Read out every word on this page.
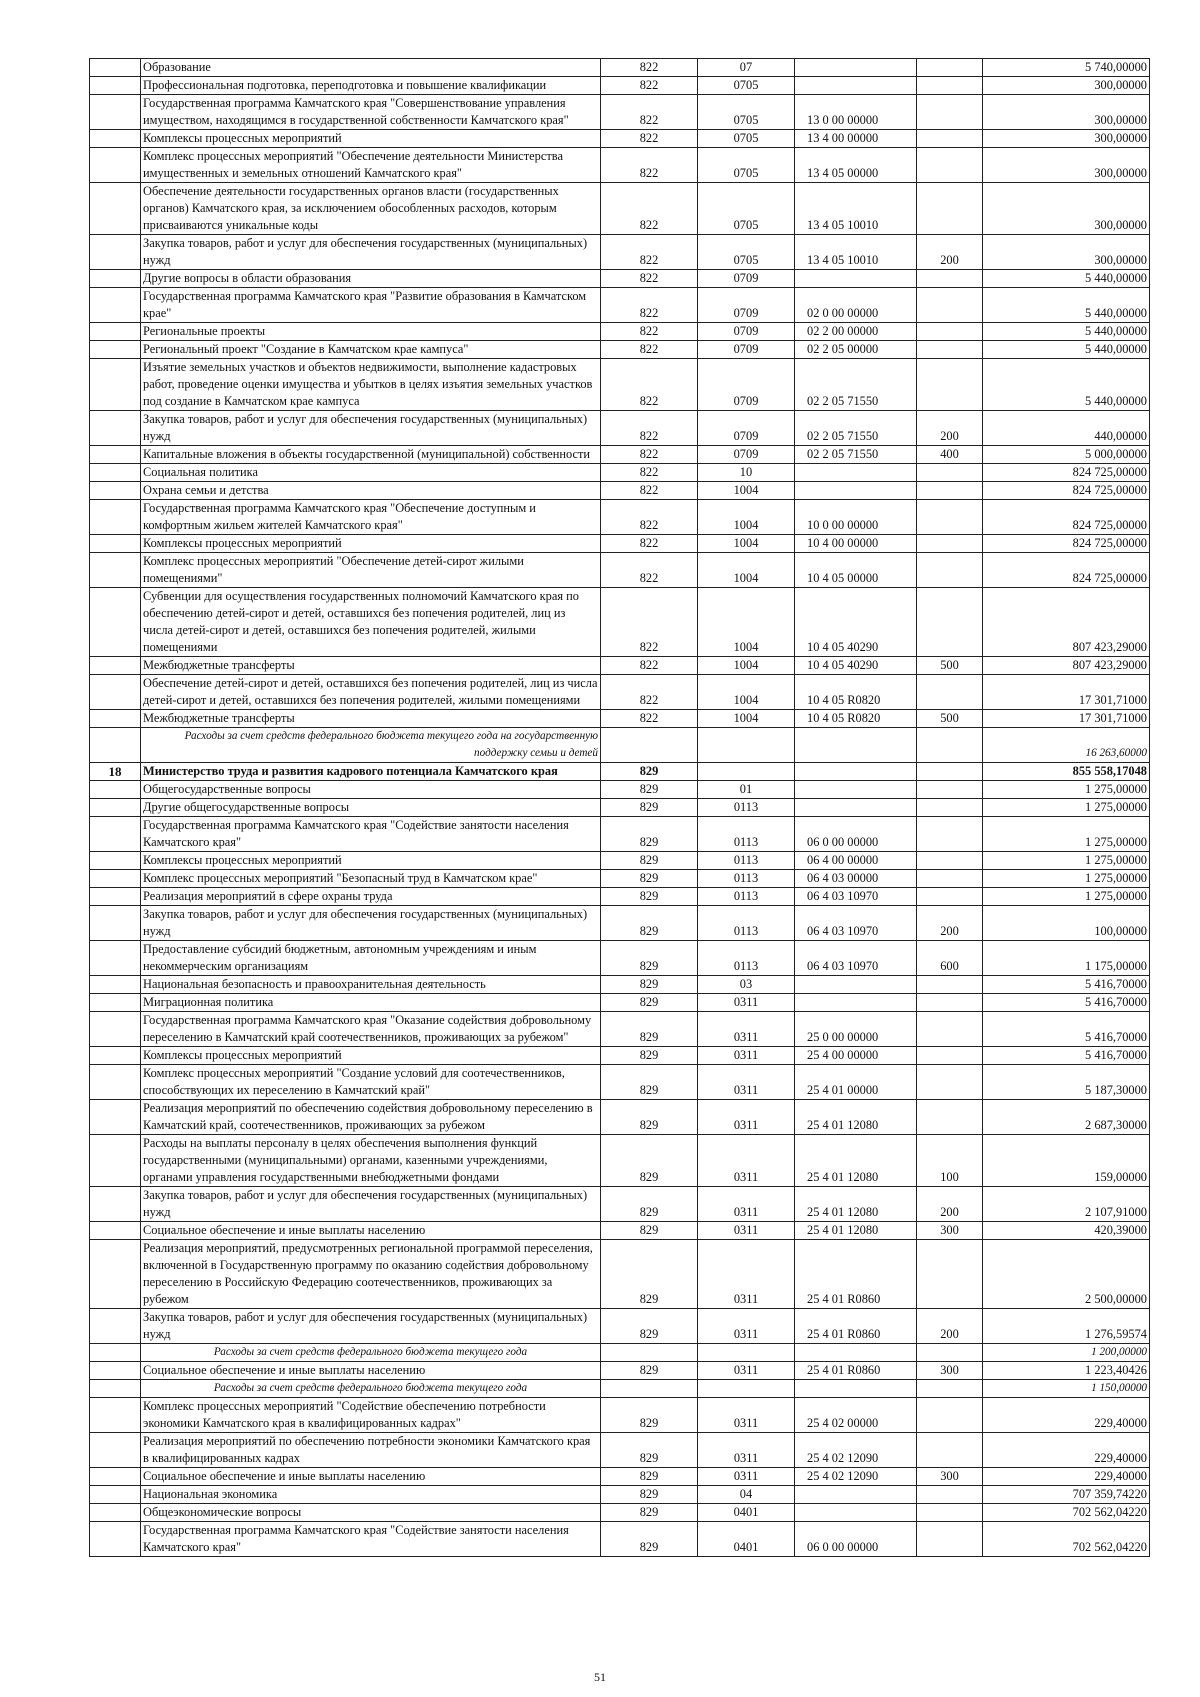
	Образование	822	07			5 740,00000
	Профессиональная подготовка, переподготовка и повышение квалификации	822	0705			300,00000
	Государственная программа Камчатского края "Совершенствование управления имуществом, находящимся в государственной собственности Камчатского края"	822	0705	13 0 00 00000		300,00000
	Комплексы процессных мероприятий	822	0705	13 4 00 00000		300,00000
	Комплекс процессных мероприятий "Обеспечение деятельности Министерства имущественных и земельных отношений Камчатского края"	822	0705	13 4 05 00000		300,00000
	Обеспечение деятельности государственных органов власти (государственных органов) Камчатского края, за исключением обособленных расходов, которым присваиваются уникальные коды	822	0705	13 4 05 10010		300,00000
	Закупка товаров, работ и услуг для обеспечения государственных (муниципальных) нужд	822	0705	13 4 05 10010	200	300,00000
	Другие вопросы в области образования	822	0709			5 440,00000
	Государственная программа Камчатского края "Развитие образования в Камчатском крае"	822	0709	02 0 00 00000		5 440,00000
	Региональные проекты	822	0709	02 2 00 00000		5 440,00000
	Региональный проект "Создание в Камчатском крае кампуса"	822	0709	02 2 05 00000		5 440,00000
	Изъятие земельных участков и объектов недвижимости, выполнение кадастровых работ, проведение оценки имущества и убытков в целях изъятия земельных участков под создание в Камчатском крае кампуса	822	0709	02 2 05 71550		5 440,00000
	Закупка товаров, работ и услуг для обеспечения государственных (муниципальных) нужд	822	0709	02 2 05 71550	200	440,00000
	Капитальные вложения в объекты государственной (муниципальной) собственности	822	0709	02 2 05 71550	400	5 000,00000
	Социальная политика	822	10			824 725,00000
	Охрана семьи и детства	822	1004			824 725,00000
	Государственная программа Камчатского края "Обеспечение доступным и комфортным жильем жителей Камчатского края"	822	1004	10 0 00 00000		824 725,00000
	Комплексы процессных мероприятий	822	1004	10 4 00 00000		824 725,00000
	Комплекс процессных мероприятий "Обеспечение детей-сирот жилыми помещениями"	822	1004	10 4 05 00000		824 725,00000
	Субвенции для осуществления государственных полномочий Камчатского края по обеспечению детей-сирот и детей, оставшихся без попечения родителей, лиц из числа детей-сирот и детей, оставшихся без попечения родителей, жилыми помещениями	822	1004	10 4 05 40290		807 423,29000
	Межбюджетные трансферты	822	1004	10 4 05 40290	500	807 423,29000
	Обеспечение детей-сирот и детей, оставшихся без попечения родителей, лиц из числа детей-сирот и детей, оставшихся без попечения родителей, жилыми помещениями	822	1004	10 4 05 R0820		17 301,71000
	Межбюджетные трансферты	822	1004	10 4 05 R0820	500	17 301,71000
	Расходы за счет средств федерального бюджета текущего года на государственную поддержку семьи и детей					16 263,60000
18	Министерство труда и развития кадрового потенциала Камчатского края	829				855 558,17048
	Общегосударственные вопросы	829	01			1 275,00000
	Другие общегосударственные вопросы	829	0113			1 275,00000
	Государственная программа Камчатского края "Содействие занятости населения Камчатского края"	829	0113	06 0 00 00000		1 275,00000
	Комплексы процессных мероприятий	829	0113	06 4 00 00000		1 275,00000
	Комплекс процессных мероприятий "Безопасный труд в Камчатском крае"	829	0113	06 4 03 00000		1 275,00000
	Реализация мероприятий в сфере охраны труда	829	0113	06 4 03 10970		1 275,00000
	Закупка товаров, работ и услуг для обеспечения государственных (муниципальных) нужд	829	0113	06 4 03 10970	200	100,00000
	Предоставление субсидий бюджетным, автономным учреждениям и иным некоммерческим организациям	829	0113	06 4 03 10970	600	1 175,00000
	Национальная безопасность и правоохранительная деятельность	829	03			5 416,70000
	Миграционная политика	829	0311			5 416,70000
	Государственная программа Камчатского края "Оказание содействия добровольному переселению в Камчатский край соотечественников, проживающих за рубежом"	829	0311	25 0 00 00000		5 416,70000
	Комплексы процессных мероприятий	829	0311	25 4 00 00000		5 416,70000
	Комплекс процессных мероприятий "Создание условий для соотечественников, способствующих их переселению в Камчатский край"	829	0311	25 4 01 00000		5 187,30000
	Реализация мероприятий по обеспечению содействия добровольному переселению в Камчатский край, соотечественников, проживающих за рубежом	829	0311	25 4 01 12080		2 687,30000
	Расходы на выплаты персоналу в целях обеспечения выполнения функций государственными (муниципальными) органами, казенными учреждениями, органами управления государственными внебюджетными фондами	829	0311	25 4 01 12080	100	159,00000
	Закупка товаров, работ и услуг для обеспечения государственных (муниципальных) нужд	829	0311	25 4 01 12080	200	2 107,91000
	Социальное обеспечение и иные выплаты населению	829	0311	25 4 01 12080	300	420,39000
	Реализация мероприятий, предусмотренных региональной программой переселения, включенной в Государственную программу по оказанию содействия добровольному переселению в Российскую Федерацию соотечественников, проживающих за рубежом	829	0311	25 4 01 R0860		2 500,00000
	Закупка товаров, работ и услуг для обеспечения государственных (муниципальных) нужд	829	0311	25 4 01 R0860	200	1 276,59574
	Расходы за счет средств федерального бюджета текущего года					1 200,00000
	Социальное обеспечение и иные выплаты населению	829	0311	25 4 01 R0860	300	1 223,40426
	Расходы за счет средств федерального бюджета текущего года					1 150,00000
	Комплекс процессных мероприятий "Содействие обеспечению потребности экономики Камчатского края в квалифицированных кадрах"	829	0311	25 4 02 00000		229,40000
	Реализация мероприятий по обеспечению потребности экономики Камчатского края в квалифицированных кадрах	829	0311	25 4 02 12090		229,40000
	Социальное обеспечение и иные выплаты населению	829	0311	25 4 02 12090	300	229,40000
	Национальная экономика	829	04			707 359,74220
	Общеэкономические вопросы	829	0401			702 562,04220
	Государственная программа Камчатского края "Содействие занятости населения Камчатского края"	829	0401	06 0 00 00000		702 562,04220
51
